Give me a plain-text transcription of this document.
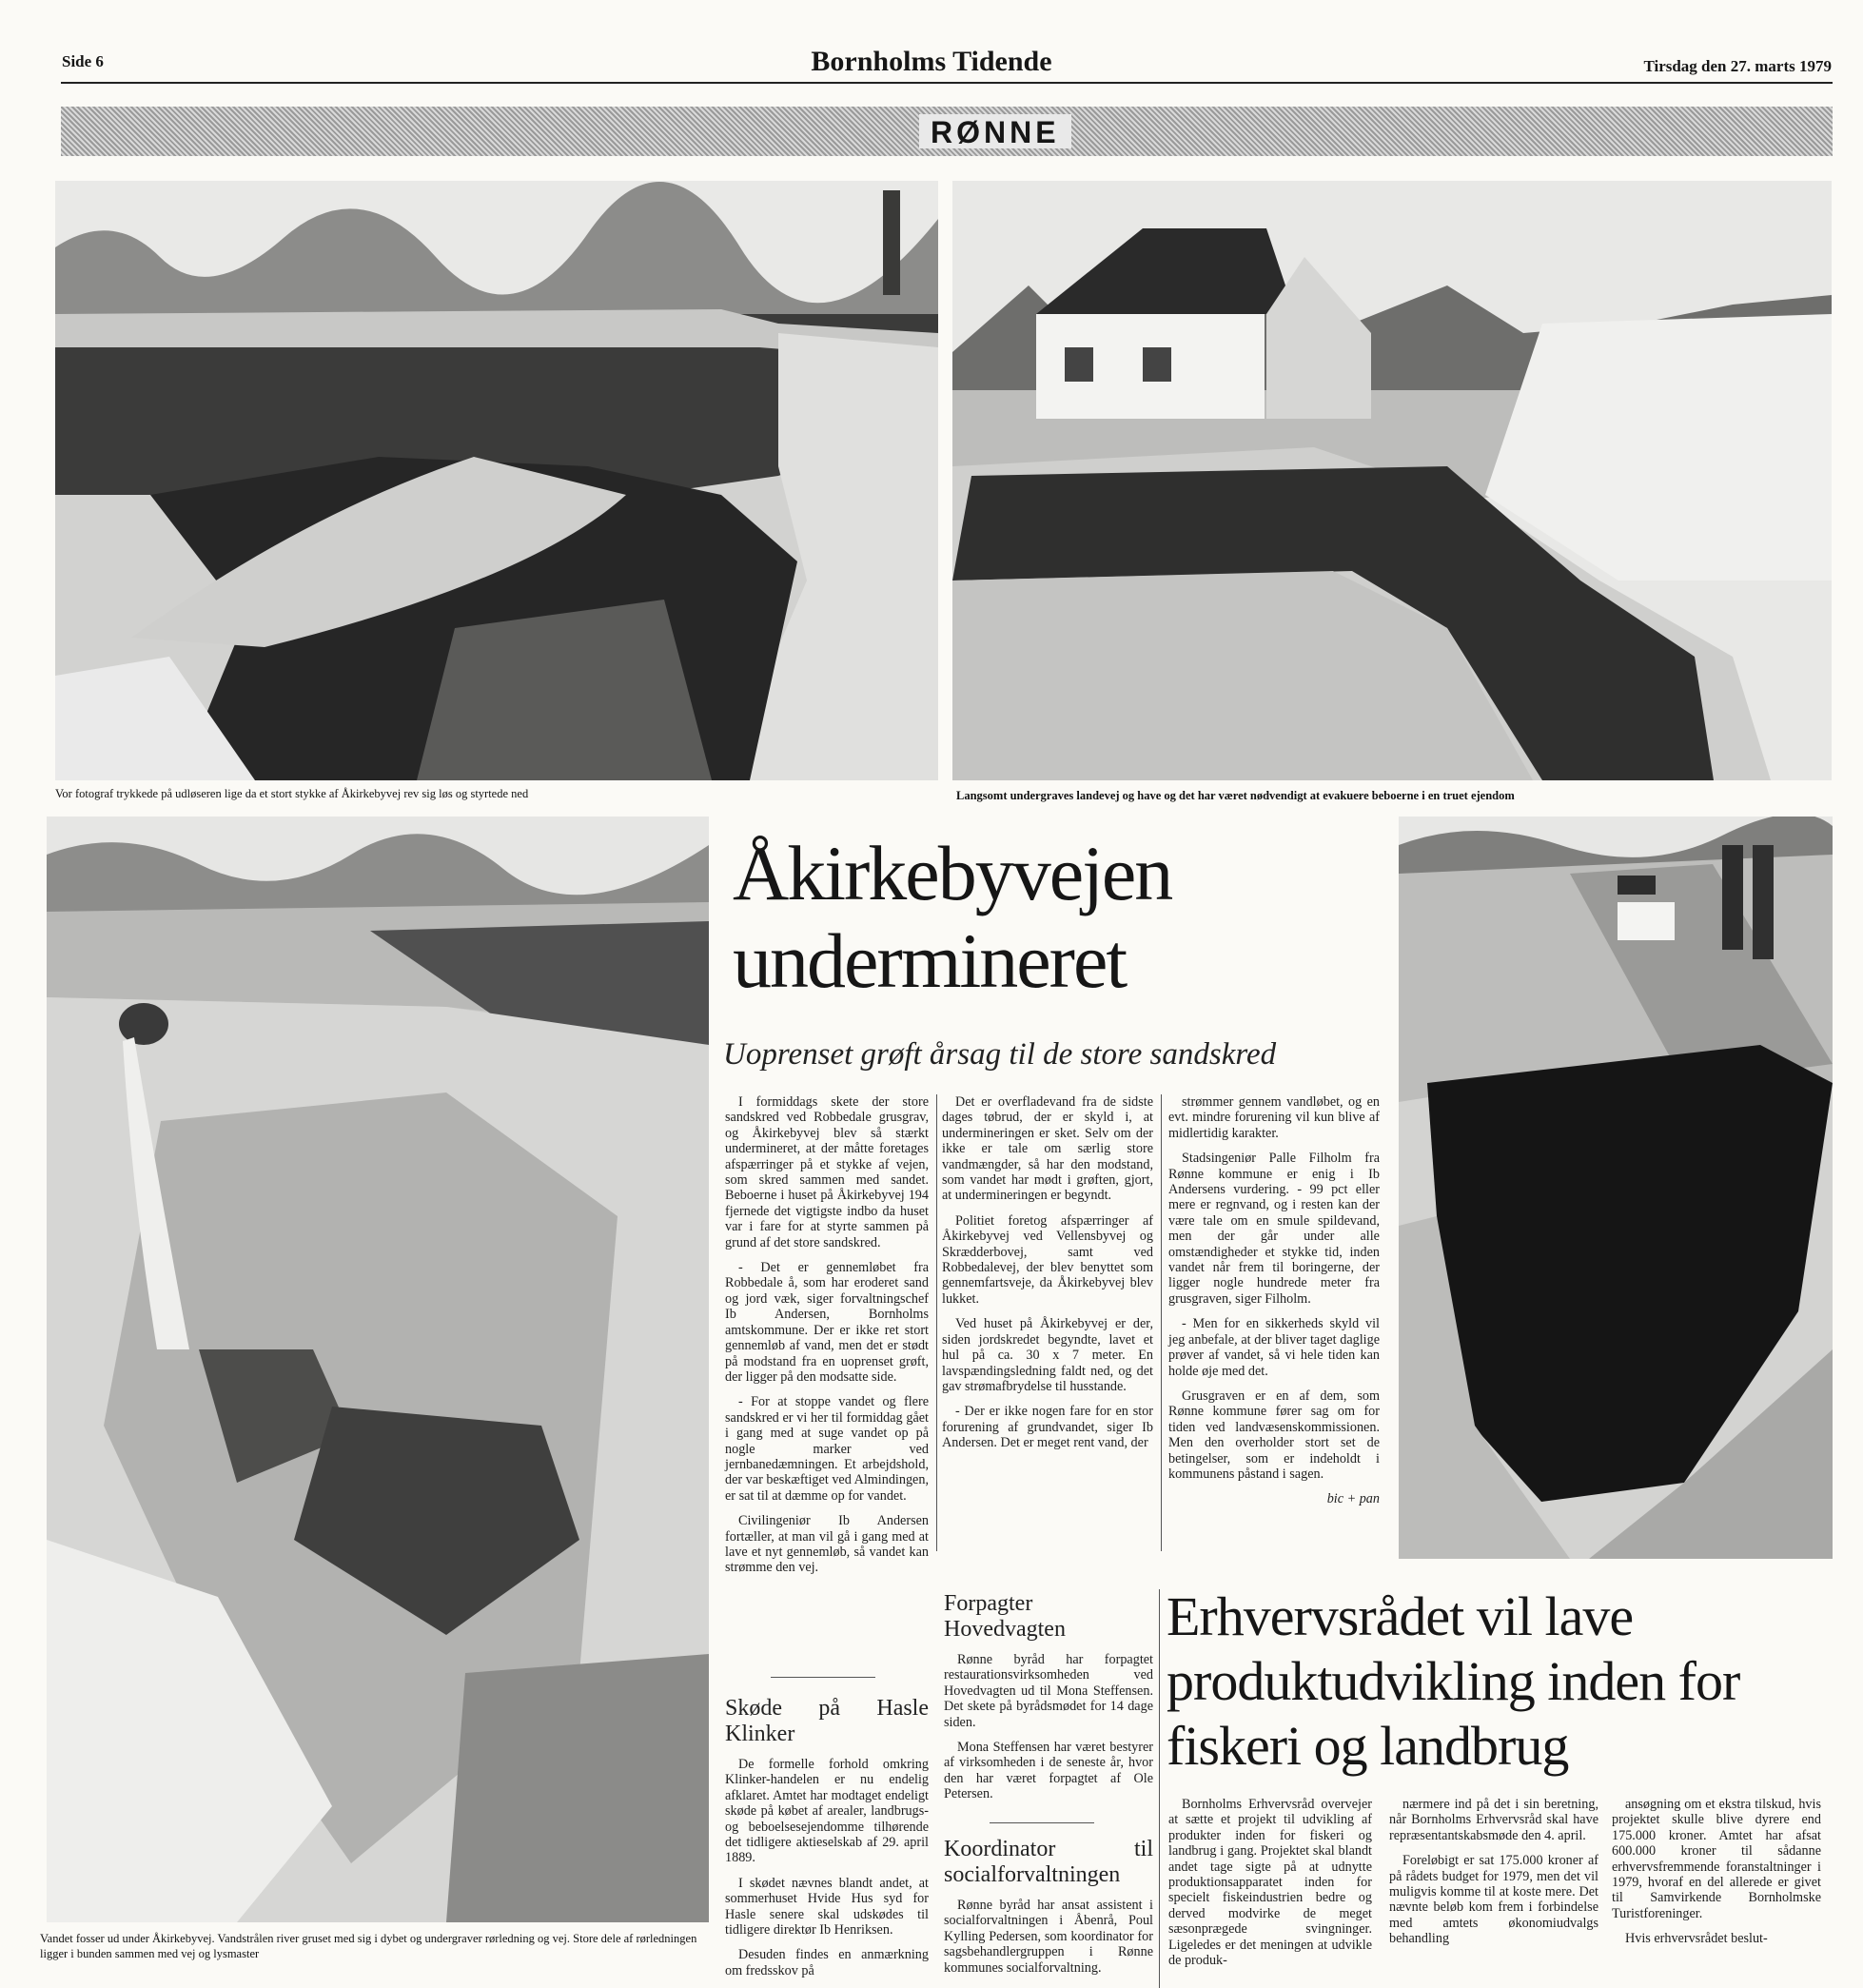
Side 6	Bornholms Tidende	Tirsdag den 27. marts 1979
RØNNE
Vor fotograf trykkede på udløseren lige da et stort stykke af Åkirkebyvej rev sig løs og styrtede ned	Langsomt undergraves landevej og have og det har været nødvendigt at evakuere beboerne i en truet ejendom
Vandet fosser ud under Åkirkebyvej. Vandstrålen river gruset med sig i dybet og undergraver rørledning og vej. Store dele af rørledningen ligger i bunden sammen med vej og lysmaster
Åkirkebyvejen
undermineret
Uoprenset grøft årsag til de store sandskred

I formiddags skete der store sandskred ved Robbedale grusgrav, og Åkirkebyvej blev så stærkt undermineret, at der måtte foretages afspærringer på et stykke af vejen, som skred sammen med sandet. Beboerne i huset på Åkirkebyvej 194 fjernede det vigtigste indbo da huset var i fare for at styrte sammen på grund af det store sandskred.

- Det er gennemløbet fra Robbedale å, som har eroderet sand og jord væk, siger forvaltningschef Ib Andersen, Bornholms amtskommune. Der er ikke ret stort gennemløb af vand, men det er stødt på modstand fra en uoprenset grøft, der ligger på den modsatte side.

- For at stoppe vandet og flere sandskred er vi her til formiddag gået i gang med at suge vandet op på nogle marker ved jernbanedæmningen. Et arbejdshold, der var beskæftiget ved Almindingen, er sat til at dæmme op for vandet.

Civilingeniør Ib Andersen fortæller, at man vil gå i gang med at lave et nyt gennemløb, så vandet kan strømme den vej.

Det er overfladevand fra de sidste dages tøbrud, der er skyld i, at undermineringen er sket. Selv om der ikke er tale om særlig store vandmængder, så har den modstand, som vandet har mødt i grøften, gjort, at undermineringen er begyndt.

Politiet foretog afspærringer af Åkirkebyvej ved Vellensbyvej og Skrædderbovej, samt ved Robbedalevej, der blev benyttet som gennemfartsveje, da Åkirkebyvej blev lukket.

Ved huset på Åkirkebyvej er der, siden jordskredet begyndte, lavet et hul på ca. 30 x 7 meter. En lavspændingsledning faldt ned, og det gav strømafbrydelse til husstande.

- Der er ikke nogen fare for en stor forurening af grundvandet, siger Ib Andersen. Det er meget rent vand, der

strømmer gennem vandløbet, og en evt. mindre forurening vil kun blive af midlertidig karakter.

Stadsingeniør Palle Filholm fra Rønne kommune er enig i Ib Andersens vurdering. - 99 pct eller mere er regnvand, og i resten kan der være tale om en smule spildevand, men der går under alle omstændigheder et stykke tid, inden vandet når frem til boringerne, der ligger nogle hundrede meter fra grusgraven, siger Filholm.

- Men for en sikkerheds skyld vil jeg anbefale, at der bliver taget daglige prøver af vandet, så vi hele tiden kan holde øje med det.

Grusgraven er en af dem, som Rønne kommune fører sag om for tiden ved landvæsenskommissionen. Men den overholder stort set de betingelser, som er indeholdt i kommunens påstand i sagen.

bic + pan

Skøde på Hasle Klinker

De formelle forhold omkring Klinker-handelen er nu endelig afklaret. Amtet har modtaget endeligt skøde på købet af arealer, landbrugs- og beboelsesejendomme tilhørende det tidligere aktieselskab af 29. april 1889.

I skødet nævnes blandt andet, at sommerhuset Hvide Hus syd for Hasle senere skal udskødes til tidligere direktør Ib Henriksen.

Desuden findes en anmærkning om fredsskov på

Forpagter Hovedvagten

Rønne byråd har forpagtet restaurationsvirksomheden ved Hovedvagten ud til Mona Steffensen. Det skete på byrådsmødet for 14 dage siden.

Mona Steffensen har været bestyrer af virksomheden i de seneste år, hvor den har været forpagtet af Ole Petersen.

Koordinator til socialforvaltningen

Rønne byråd har ansat assistent i socialforvaltningen i Åbenrå, Poul Kylling Pedersen, som koordinator for sagsbehandlergruppen i Rønne kommunes socialforvaltning.

Erhvervsrådet vil lave produktudvikling inden for fiskeri og landbrug

Bornholms Erhvervsråd overvejer at sætte et projekt til udvikling af produkter inden for fiskeri og landbrug i gang. Projektet skal blandt andet tage sigte på at udnytte produktionsapparatet inden for specielt fiskeindustrien bedre og derved modvirke de meget sæsonprægede svingninger. Ligeledes er det meningen at udvikle de produk-

nærmere ind på det i sin beretning, når Bornholms Erhvervsråd skal have repræsentantskabsmøde den 4. april.

Foreløbigt er sat 175.000 kroner af på rådets budget for 1979, men det vil muligvis komme til at koste mere. Det nævnte beløb kom frem i forbindelse med amtets økonomiudvalgs behandling

ansøgning om et ekstra tilskud, hvis projektet skulle blive dyrere end 175.000 kroner. Amtet har afsat 600.000 kroner til sådanne erhvervsfremmende foranstaltninger i 1979, hvoraf en del allerede er givet til Samvirkende Bornholmske Turistforeninger.

Hvis erhvervsrådet beslut-
